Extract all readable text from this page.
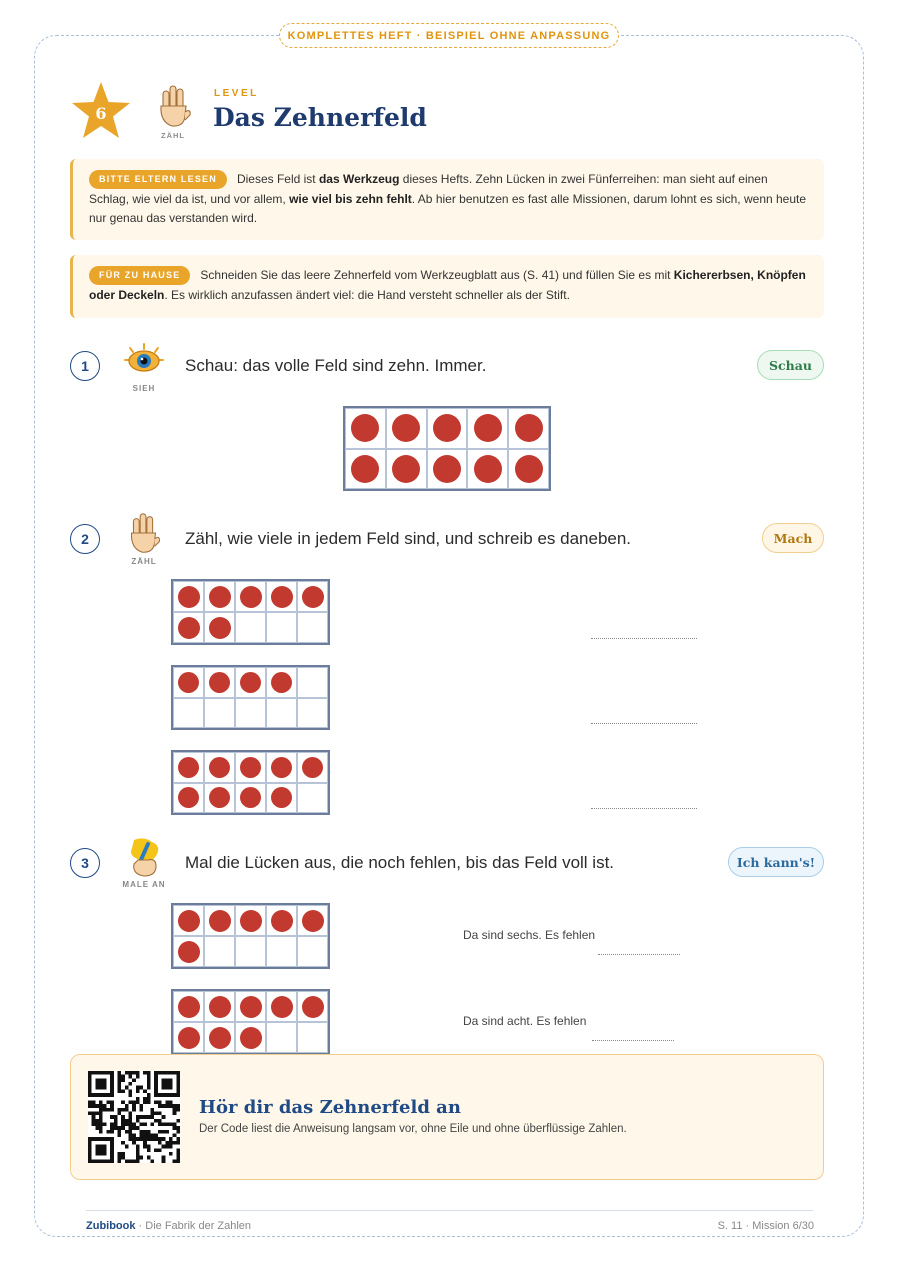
KOMPLETTES HEFT · BEISPIEL OHNE ANPASSUNG
6
ZÄHL
LEVEL
Das Zehnerfeld
BITTE ELTERN LESEN Dieses Feld ist das Werkzeug dieses Hefts. Zehn Lücken in zwei Fünferreihen: man sieht auf einen Schlag, wie viel da ist, und vor allem, wie viel bis zehn fehlt. Ab hier benutzen es fast alle Missionen, darum lohnt es sich, wenn heute nur genau das verstanden wird.
FÜR ZU HAUSE Schneiden Sie das leere Zehnerfeld vom Werkzeugblatt aus (S. 41) und füllen Sie es mit Kichererbsen, Knöpfen oder Deckeln. Es wirklich anzufassen ändert viel: die Hand versteht schneller als der Stift.
1
SIEH
Schau: das volle Feld sind zehn. Immer.	Schau
2
ZÄHL
Zähl, wie viele in jedem Feld sind, und schreib es daneben.	Mach
3
MALE AN
Mal die Lücken aus, die noch fehlen, bis das Feld voll ist.	Ich kann's!
Da sind sechs. Es fehlen
Da sind acht. Es fehlen
Hör dir das Zehnerfeld an
Der Code liest die Anweisung langsam vor, ohne Eile und ohne überflüssige Zahlen.
Zubibook · Die Fabrik der Zahlen	S. 11 · Mission 6/30
